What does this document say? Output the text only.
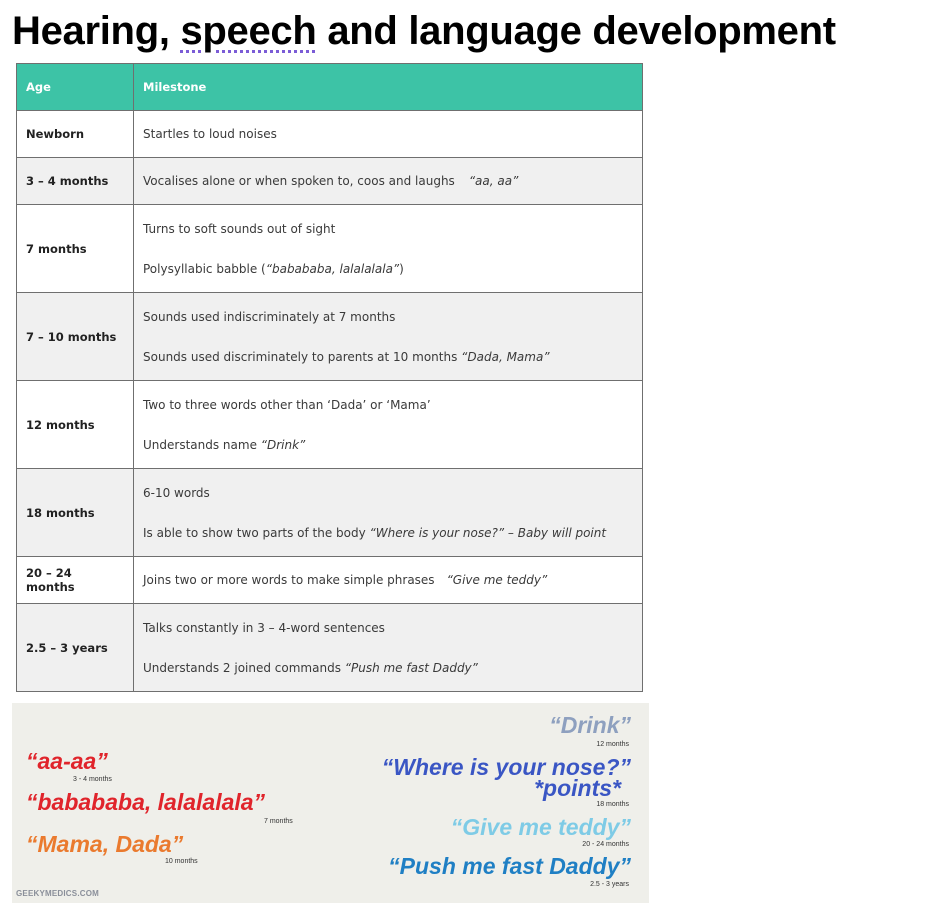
Hearing, speech and language development
Age	Milestone
Newborn	Startles to loud noises

3 – 4 months	Vocalises alone or when spoken to, coos and laughs “aa, aa”

7 months	Turns to soft sounds out of sight
Polysyllabic babble (“babababa, lalalalala”)

7 – 10 months	Sounds used indiscriminately at 7 months
Sounds used discriminately to parents at 10 months “Dada, Mama”

12 months	Two to three words other than ‘Dada’ or ‘Mama’
Understands name “Drink”

18 months	6-10 words
Is able to show two parts of the body “Where is your nose?” – Baby will point

20 – 24 months	Joins two or more words to make simple phrases “Give me teddy”

2.5 – 3 years	Talks constantly in 3 – 4-word sentences
Understands 2 joined commands “Push me fast Daddy”
“aa-aa”
3 - 4 months
“babababa, lalalalala”
7 months
“Mama, Dada”
10 months
“Drink”
12 months
“Where is your nose?”
*points*
18 months
“Give me teddy”
20 - 24 months
“Push me fast Daddy”
2.5 - 3 years
GEEKYMEDICS.COM
